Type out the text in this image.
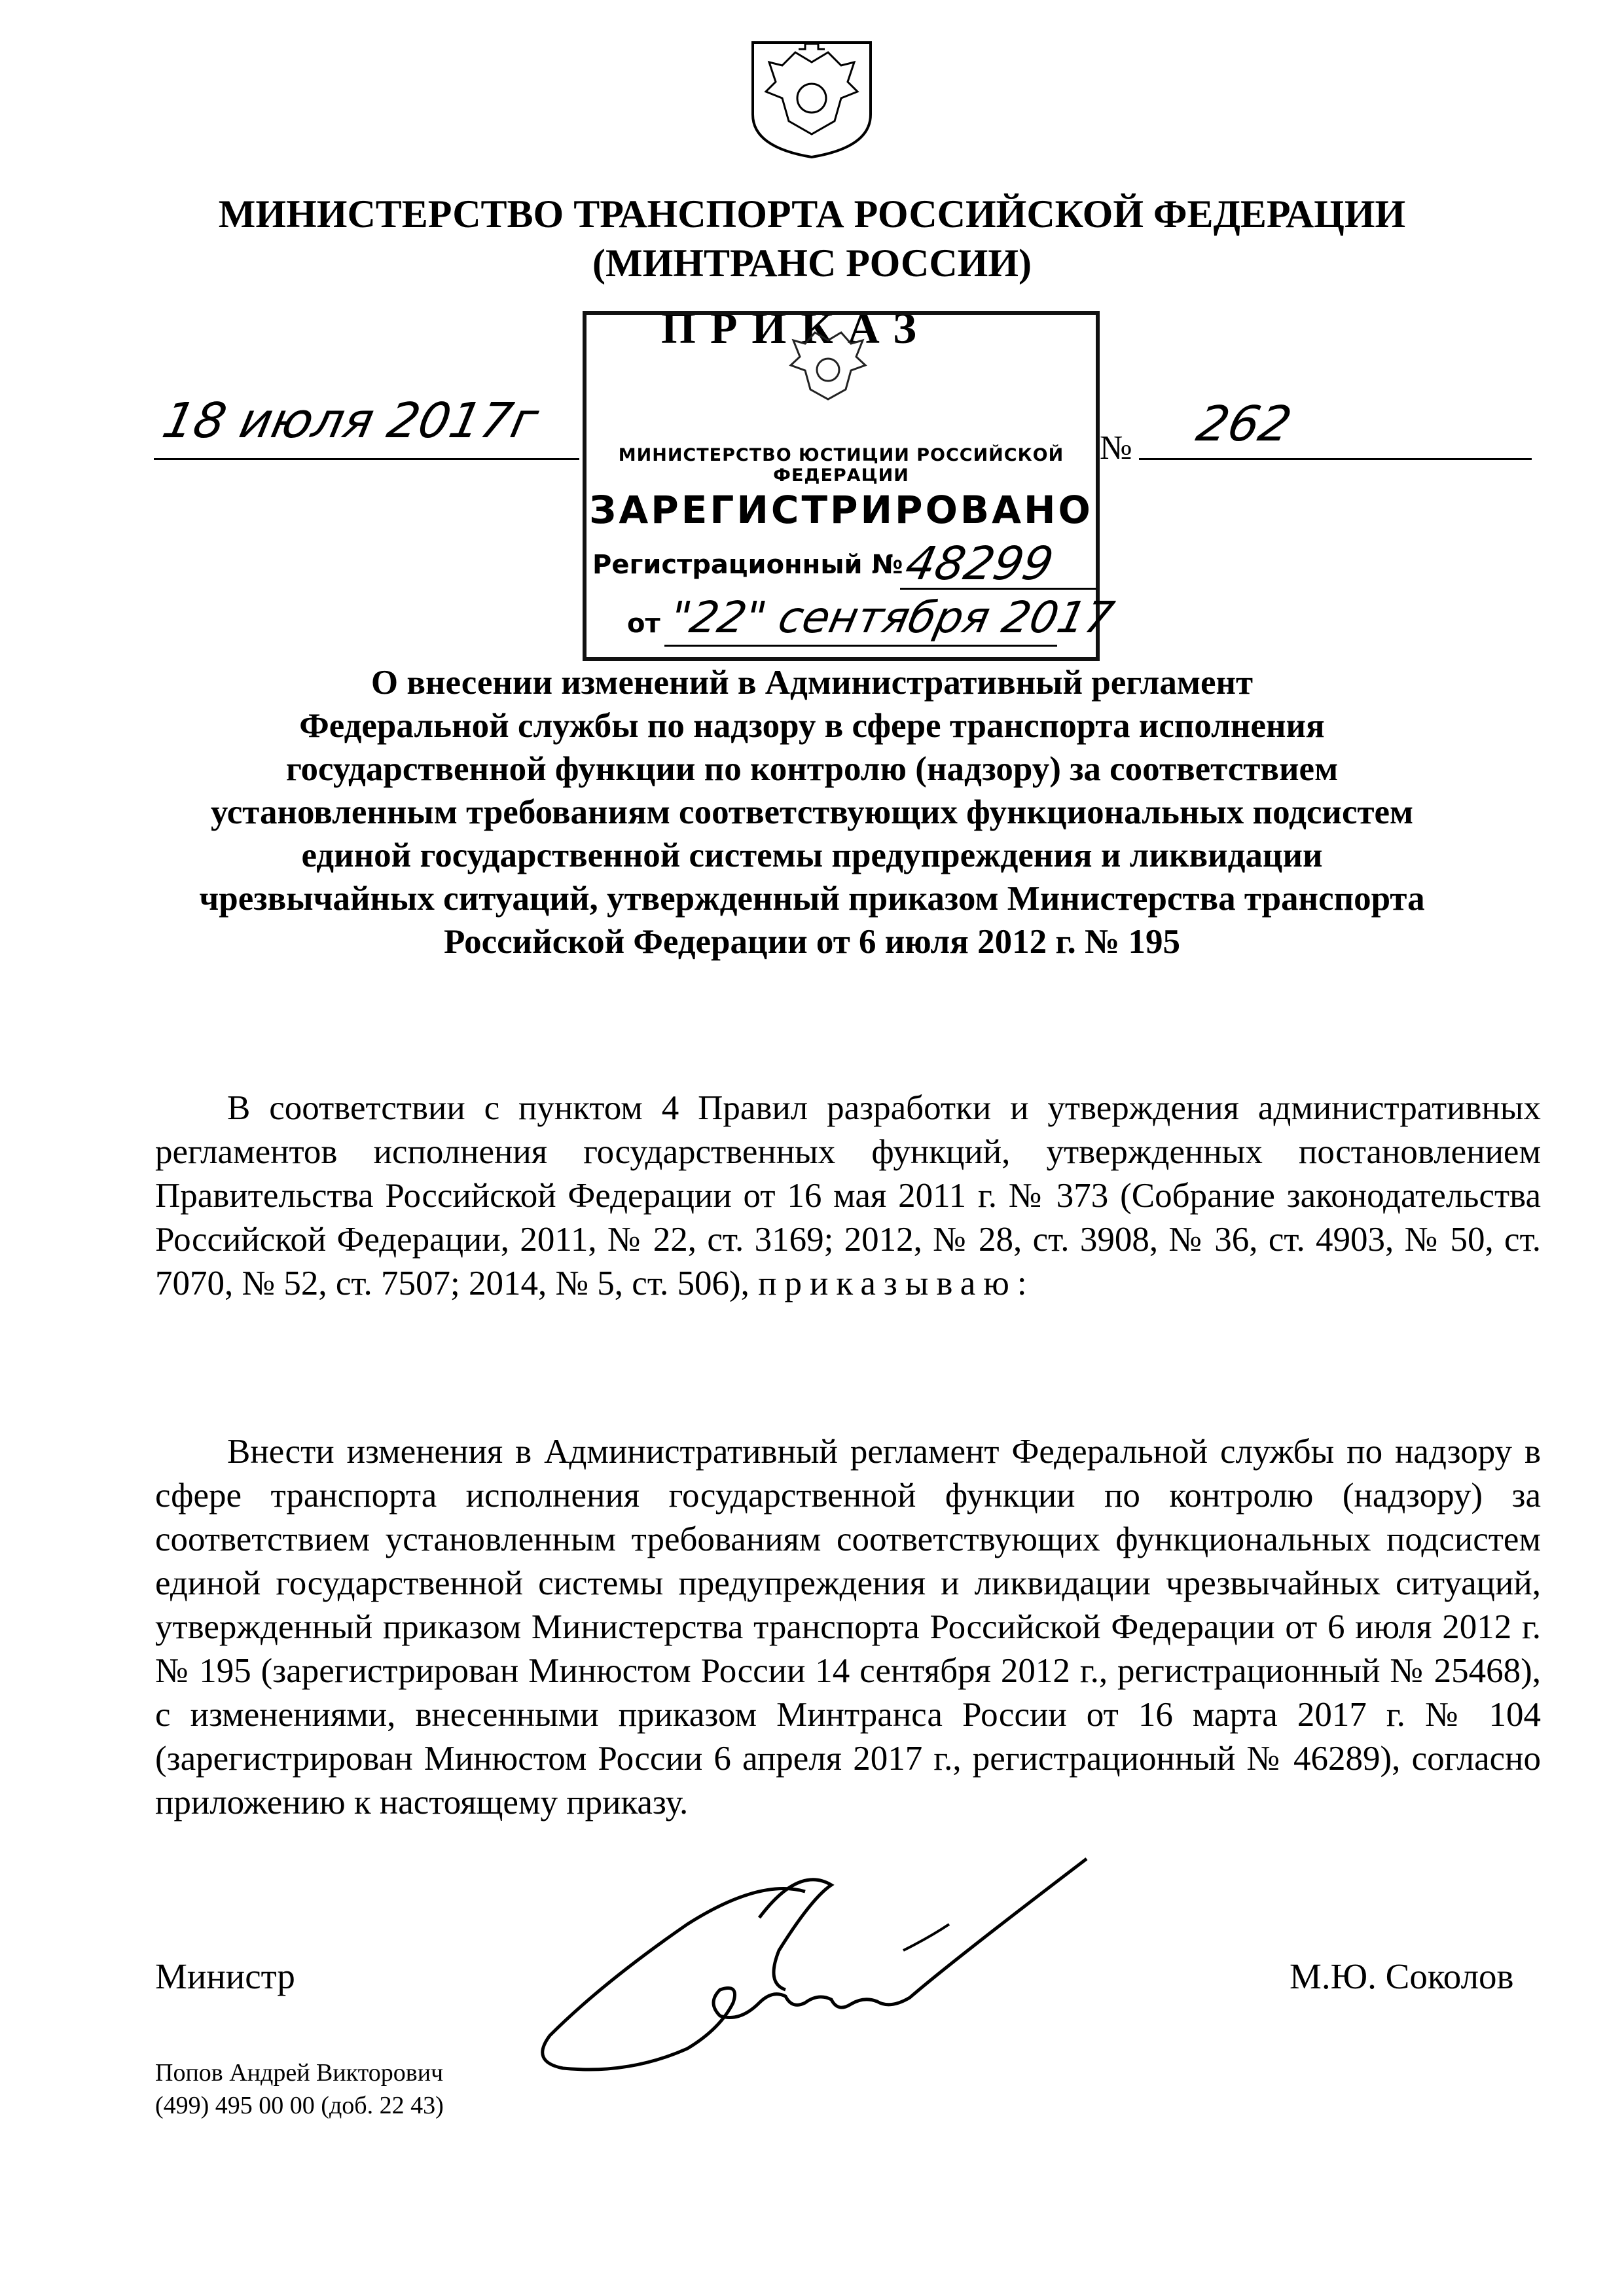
МИНИСТЕРСТВО ТРАНСПОРТА РОССИЙСКОЙ ФЕДЕРАЦИИ
(МИНТРАНС РОССИИ)
ПРИКАЗ
18 июля 2017г	№ 262
МИНИСТЕРСТВО ЮСТИЦИИ РОССИЙСКОЙ ФЕДЕРАЦИИ
ЗАРЕГИСТРИРОВАНО
Регистрационный №
48299
от "22" сентября 2017
О внесении изменений в Административный регламент
Федеральной службы по надзору в сфере транспорта исполнения
государственной функции по контролю (надзору) за соответствием
установленным требованиям соответствующих функциональных подсистем
единой государственной системы предупреждения и ликвидации
чрезвычайных ситуаций, утвержденный приказом Министерства транспорта
Российской Федерации от 6 июля 2012 г. № 195
В соответствии с пунктом 4 Правил разработки и утверждения административных регламентов исполнения государственных функций, утвержденных постановлением Правительства Российской Федерации от 16 мая 2011 г. № 373 (Собрание законодательства Российской Федерации, 2011, № 22, ст. 3169; 2012, № 28, ст. 3908, № 36, ст. 4903, № 50, ст. 7070, № 52, ст. 7507; 2014, № 5, ст. 506), приказываю:
Внести изменения в Административный регламент Федеральной службы по надзору в сфере транспорта исполнения государственной функции по контролю (надзору) за соответствием установленным требованиям соответствующих функциональных подсистем единой государственной системы предупреждения и ликвидации чрезвычайных ситуаций, утвержденный приказом Министерства транспорта Российской Федерации от 6 июля 2012 г. № 195 (зарегистрирован Минюстом России 14 сентября 2012 г., регистрационный № 25468), с изменениями, внесенными приказом Минтранса России от 16 марта 2017 г. № 104 (зарегистрирован Минюстом России 6 апреля 2017 г., регистрационный № 46289), согласно приложению к настоящему приказу.
Министр	М.Ю. Соколов
Попов Андрей Викторович
(499) 495 00 00 (доб. 22 43)
